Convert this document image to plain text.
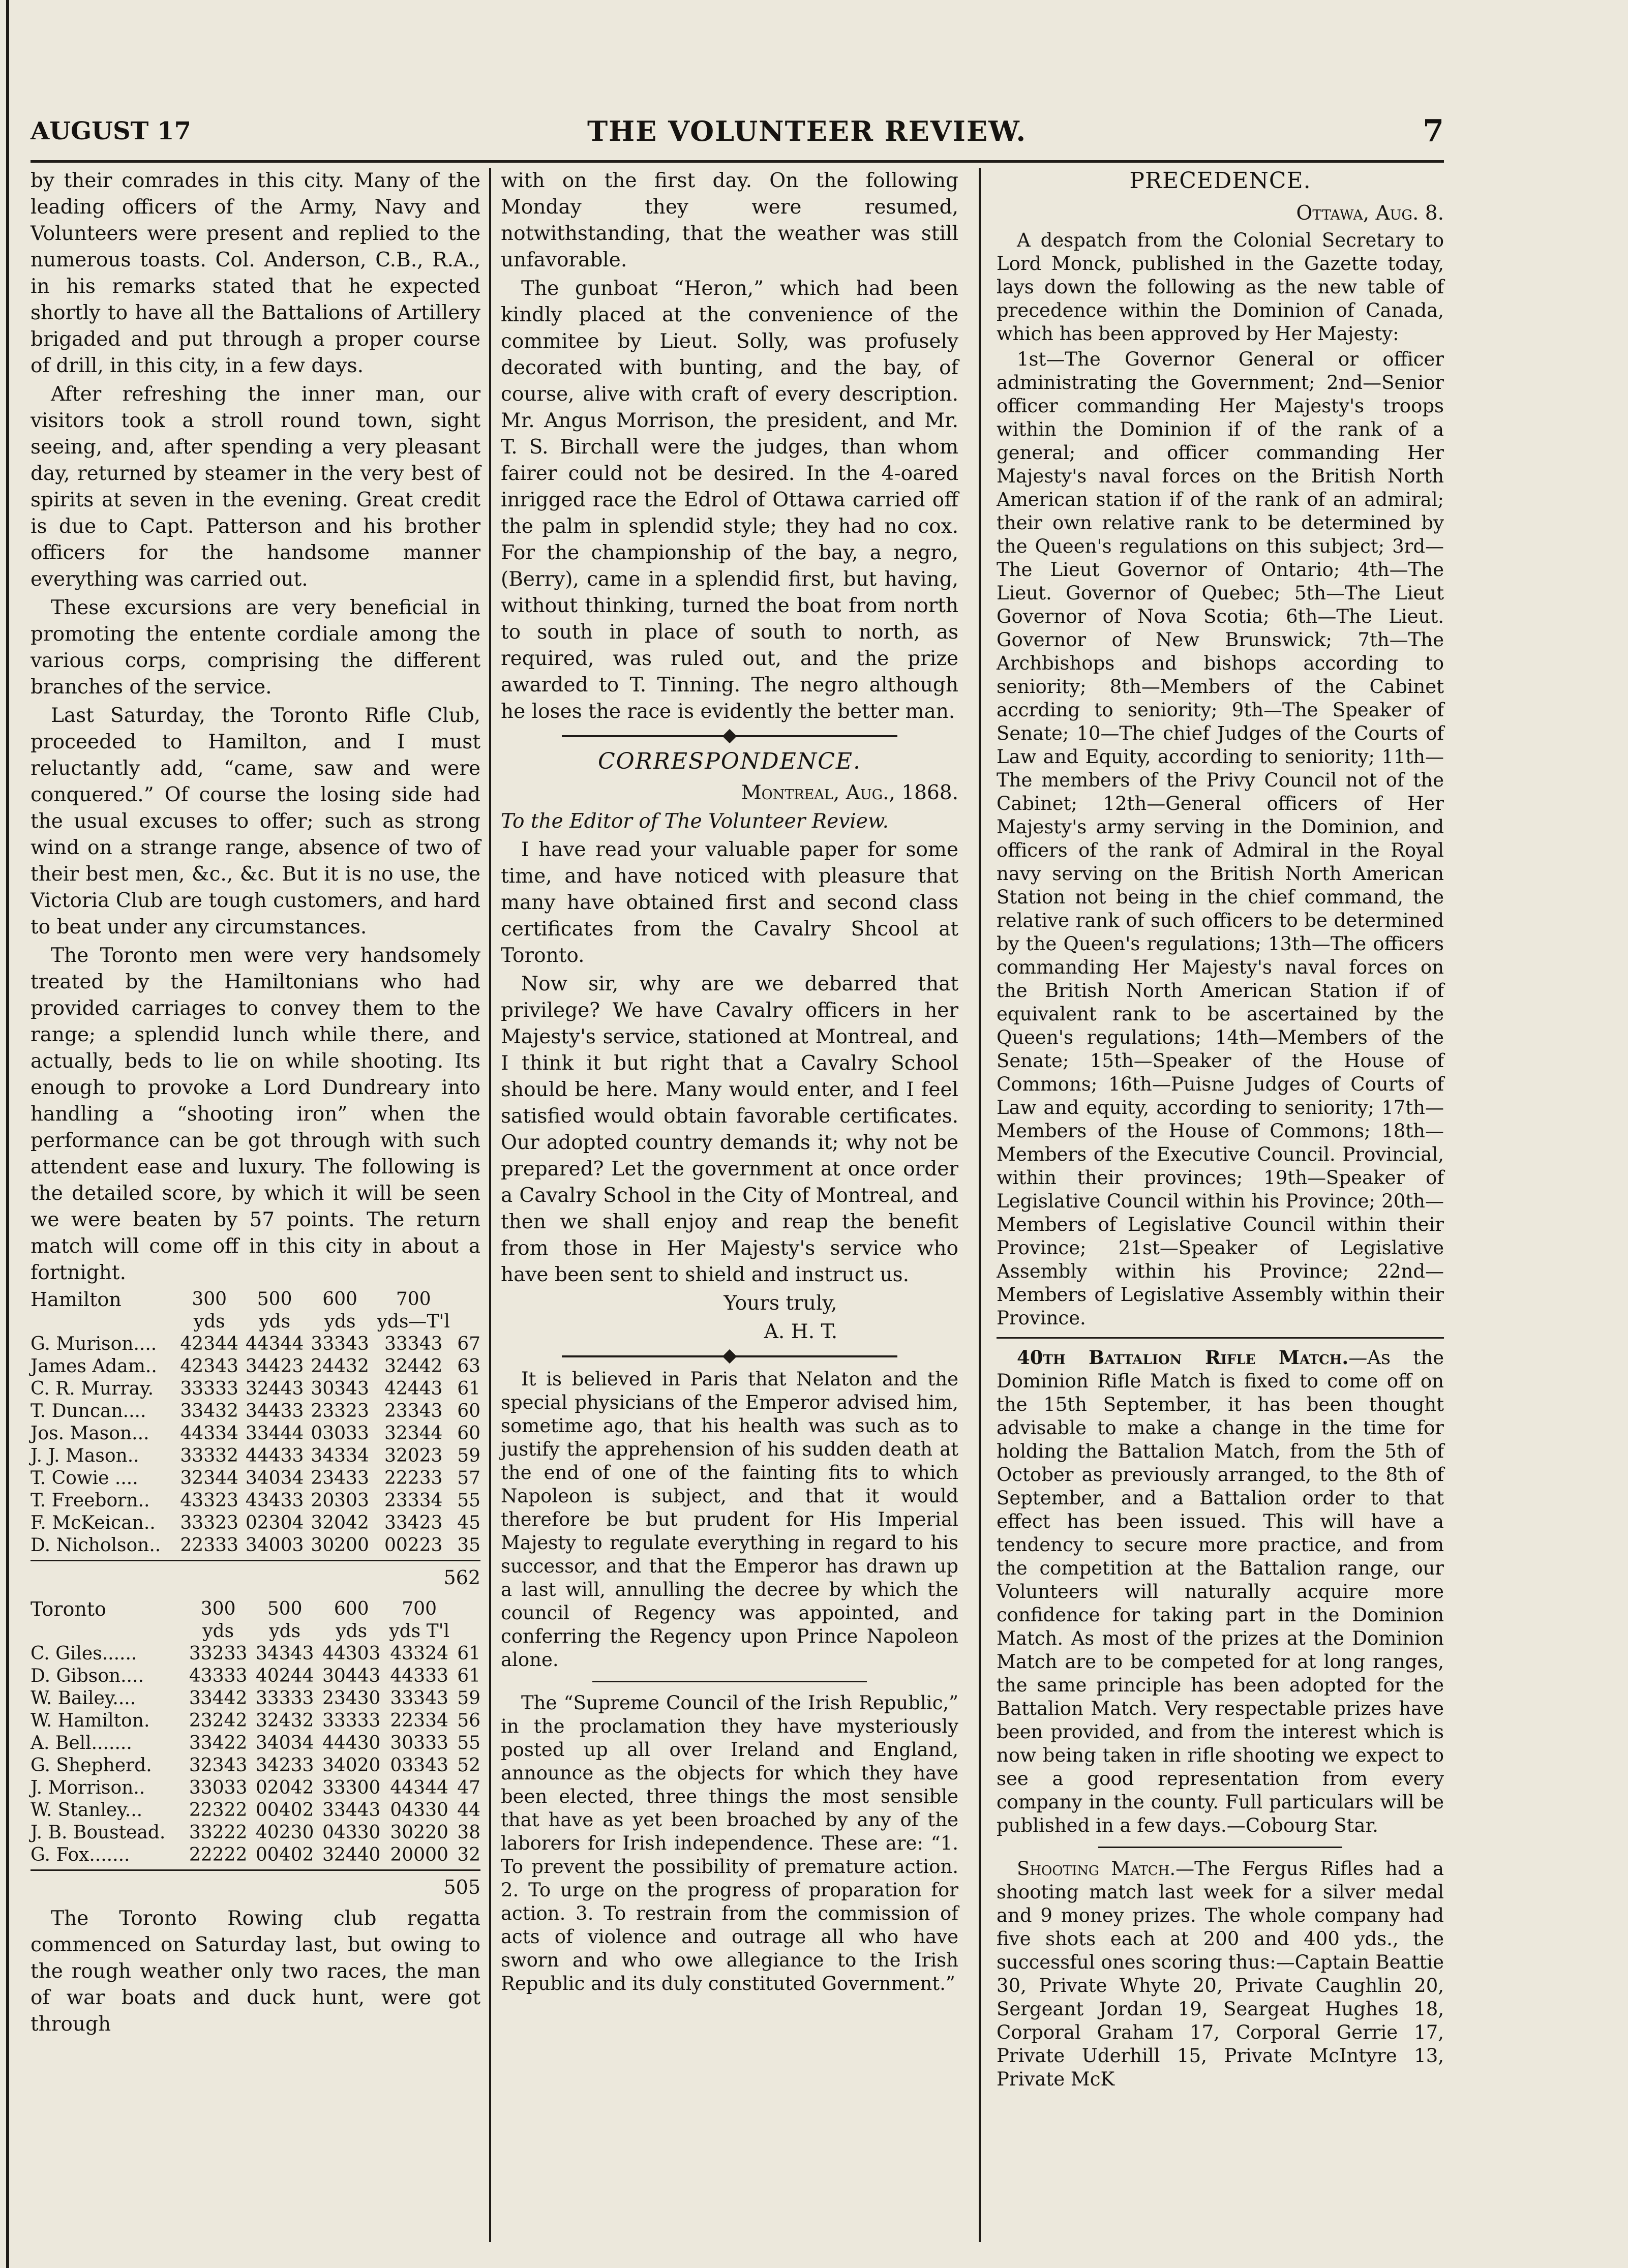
AUGUST 17	THE VOLUNTEER REVIEW.	7

by their comrades in this city. Many of the leading officers of the Army, Navy and Volunteers were present and replied to the numerous toasts. Col. Anderson, C.B., R.A., in his remarks stated that he expected shortly to have all the Battalions of Artillery brigaded and put through a proper course of drill, in this city, in a few days.

After refreshing the inner man, our visitors took a stroll round town, sight seeing, and, after spending a very pleasant day, returned by steamer in the very best of spirits at seven in the evening. Great credit is due to Capt. Patterson and his brother officers for the handsome manner everything was carried out.

These excursions are very beneficial in promoting the entente cordiale among the various corps, comprising the different branches of the service.

Last Saturday, the Toronto Rifle Club, proceeded to Hamilton, and I must reluctantly add, “came, saw and were conquered.” Of course the losing side had the usual excuses to offer; such as strong wind on a strange range, absence of two of their best men, &c., &c. But it is no use, the Victoria Club are tough customers, and hard to beat under any circumstances.

The Toronto men were very handsomely treated by the Hamiltonians who had provided carriages to convey them to the range; a splendid lunch while there, and actually, beds to lie on while shooting. Its enough to provoke a Lord Dundreary into handling a “shooting iron” when the performance can be got through with such attendent ease and luxury. The following is the detailed score, by which it will be seen we were beaten by 57 points. The return match will come off in this city in about a fortnight.

Hamilton	300	500	600	700	
	yds	yds	yds	yds—T'l	
G. Murison....	42344	44344	33343	33343	67
James Adam..	42343	34423	24432	32442	63
C. R. Murray.	33333	32443	30343	42443	61
T. Duncan....	33432	34433	23323	23343	60
Jos. Mason...	44334	33444	03033	32344	60
J. J. Mason..	33332	44433	34334	32023	59
T. Cowie ....	32344	34034	23433	22233	57
T. Freeborn..	43323	43433	20303	23334	55
F. McKeican..	33323	02304	32042	33423	45
D. Nicholson..	22333	34003	30200	00223	35
562
Toronto	300	500	600	700	
	yds	yds	yds	yds T'l	
C. Giles......	33233	34343	44303	43324	61
D. Gibson....	43333	40244	30443	44333	61
W. Bailey....	33442	33333	23430	33343	59
W. Hamilton.	23242	32432	33333	22334	56
A. Bell.......	33422	34034	44430	30333	55
G. Shepherd.	32343	34233	34020	03343	52
J. Morrison..	33033	02042	33300	44344	47
W. Stanley...	22322	00402	33443	04330	44
J. B. Boustead.	33222	40230	04330	30220	38
G. Fox.......	22222	00402	32440	20000	32
505

The Toronto Rowing club regatta commenced on Saturday last, but owing to the rough weather only two races, the man of war boats and duck hunt, were got through

with on the first day. On the following Monday they were resumed, notwithstanding, that the weather was still unfavorable.

The gunboat “Heron,” which had been kindly placed at the convenience of the commitee by Lieut. Solly, was profusely decorated with bunting, and the bay, of course, alive with craft of every description. Mr. Angus Morrison, the president, and Mr. T. S. Birchall were the judges, than whom fairer could not be desired. In the 4-oared inrigged race the Edrol of Ottawa carried off the palm in splendid style; they had no cox. For the championship of the bay, a negro, (Berry), came in a splendid first, but having, without thinking, turned the boat from north to south in place of south to north, as required, was ruled out, and the prize awarded to T. Tinning. The negro although he loses the race is evidently the better man.

CORRESPONDENCE.

Montreal, Aug., 1868.

To the Editor of The Volunteer Review.

I have read your valuable paper for some time, and have noticed with pleasure that many have obtained first and second class certificates from the Cavalry Shcool at Toronto.

Now sir, why are we debarred that privilege? We have Cavalry officers in her Majesty's service, stationed at Montreal, and I think it but right that a Cavalry School should be here. Many would enter, and I feel satisfied would obtain favorable certificates. Our adopted country demands it; why not be prepared? Let the government at once order a Cavalry School in the City of Montreal, and then we shall enjoy and reap the benefit from those in Her Majesty's service who have been sent to shield and instruct us.

Yours truly,

A. H. T.

It is believed in Paris that Nelaton and the special physicians of the Emperor advised him, sometime ago, that his health was such as to justify the apprehension of his sudden death at the end of one of the fainting fits to which Napoleon is subject, and that it would therefore be but prudent for His Imperial Majesty to regulate everything in regard to his successor, and that the Emperor has drawn up a last will, annulling the decree by which the council of Regency was appointed, and conferring the Regency upon Prince Napoleon alone.

The “Supreme Council of the Irish Republic,” in the proclamation they have mysteriously posted up all over Ireland and England, announce as the objects for which they have been elected, three things the most sensible that have as yet been broached by any of the laborers for Irish independence. These are: “1. To prevent the possibility of premature action. 2. To urge on the progress of proparation for action. 3. To restrain from the commission of acts of violence and outrage all who have sworn and who owe allegiance to the Irish Republic and its duly constituted Government.”

PRECEDENCE.

Ottawa, Aug. 8.

A despatch from the Colonial Secretary to Lord Monck, published in the Gazette today, lays down the following as the new table of precedence within the Dominion of Canada, which has been approved by Her Majesty:

1st—The Governor General or officer administrating the Government; 2nd—Senior officer commanding Her Majesty's troops within the Dominion if of the rank of a general; and officer commanding Her Majesty's naval forces on the British North American station if of the rank of an admiral; their own relative rank to be determined by the Queen's regulations on this subject; 3rd—The Lieut Governor of Ontario; 4th—The Lieut. Governor of Quebec; 5th—The Lieut Governor of Nova Scotia; 6th—The Lieut. Governor of New Brunswick; 7th—The Archbishops and bishops according to seniority; 8th—Members of the Cabinet accrding to seniority; 9th—The Speaker of Senate; 10—The chief Judges of the Courts of Law and Equity, according to seniority; 11th—The members of the Privy Council not of the Cabinet; 12th—General officers of Her Majesty's army serving in the Dominion, and officers of the rank of Admiral in the Royal navy serving on the British North American Station not being in the chief command, the relative rank of such officers to be determined by the Queen's regulations; 13th—The officers commanding Her Majesty's naval forces on the British North American Station if of equivalent rank to be ascertained by the Queen's regulations; 14th—Members of the Senate; 15th—Speaker of the House of Commons; 16th—Puisne Judges of Courts of Law and equity, according to seniority; 17th—Members of the House of Commons; 18th—Members of the Executive Council. Provincial, within their provinces; 19th—Speaker of Legislative Council within his Province; 20th—Members of Legislative Council within their Province; 21st—Speaker of Legislative Assembly within his Province; 22nd—Members of Legislative Assembly within their Province.

40th Battalion Rifle Match.—As the Dominion Rifle Match is fixed to come off on the 15th September, it has been thought advisable to make a change in the time for holding the Battalion Match, from the 5th of October as previously arranged, to the 8th of September, and a Battalion order to that effect has been issued. This will have a tendency to secure more practice, and from the competition at the Battalion range, our Volunteers will naturally acquire more confidence for taking part in the Dominion Match. As most of the prizes at the Dominion Match are to be competed for at long ranges, the same principle has been adopted for the Battalion Match. Very respectable prizes have been provided, and from the interest which is now being taken in rifle shooting we expect to see a good representation from every company in the county. Full particulars will be published in a few days.—Cobourg Star.

Shooting Match.—The Fergus Rifles had a shooting match last week for a silver medal and 9 money prizes. The whole company had five shots each at 200 and 400 yds., the successful ones scoring thus:—Captain Beattie 30, Private Whyte 20, Private Caughlin 20, Sergeant Jordan 19, Seargeat Hughes 18, Corporal Graham 17, Corporal Gerrie 17, Private Uderhill 15, Private McIntyre 13, Private McK
